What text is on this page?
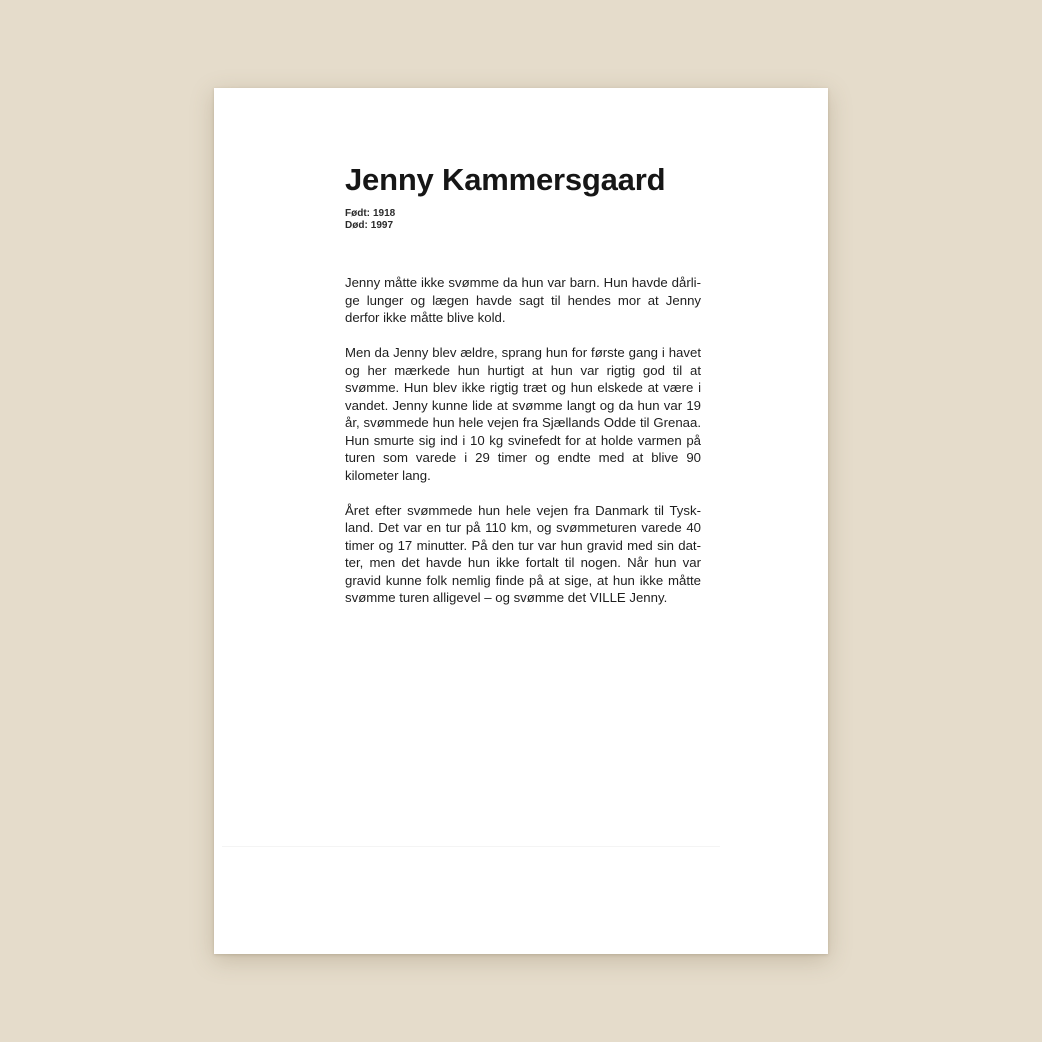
Jenny Kammersgaard
Født: 1918
Død: 1997

Jenny måtte ikke svømme da hun var barn. Hun havde dårlige lunger og lægen havde sagt til hendes mor at Jenny derfor ikke måtte blive kold.

Men da Jenny blev ældre, sprang hun for første gang i havet og her mærkede hun hurtigt at hun var rigtig god til at svømme. Hun blev ikke rigtig træt og hun elskede at være i vandet. Jenny kunne lide at svømme langt og da hun var 19 år, svømmede hun hele vejen fra Sjællands Odde til Grenaa. Hun smurte sig ind i 10 kg svinefedt for at holde varmen på turen som varede i 29 timer og endte med at blive 90 kilometer lang.

Året efter svømmede hun hele vejen fra Danmark til Tyskland. Det var en tur på 110 km, og svømmeturen varede 40 timer og 17 minutter. På den tur var hun gravid med sin datter, men det havde hun ikke fortalt til nogen. Når hun var gravid kunne folk nemlig finde på at sige, at hun ikke måtte svømme turen alligevel – og svømme det VILLE Jenny.
